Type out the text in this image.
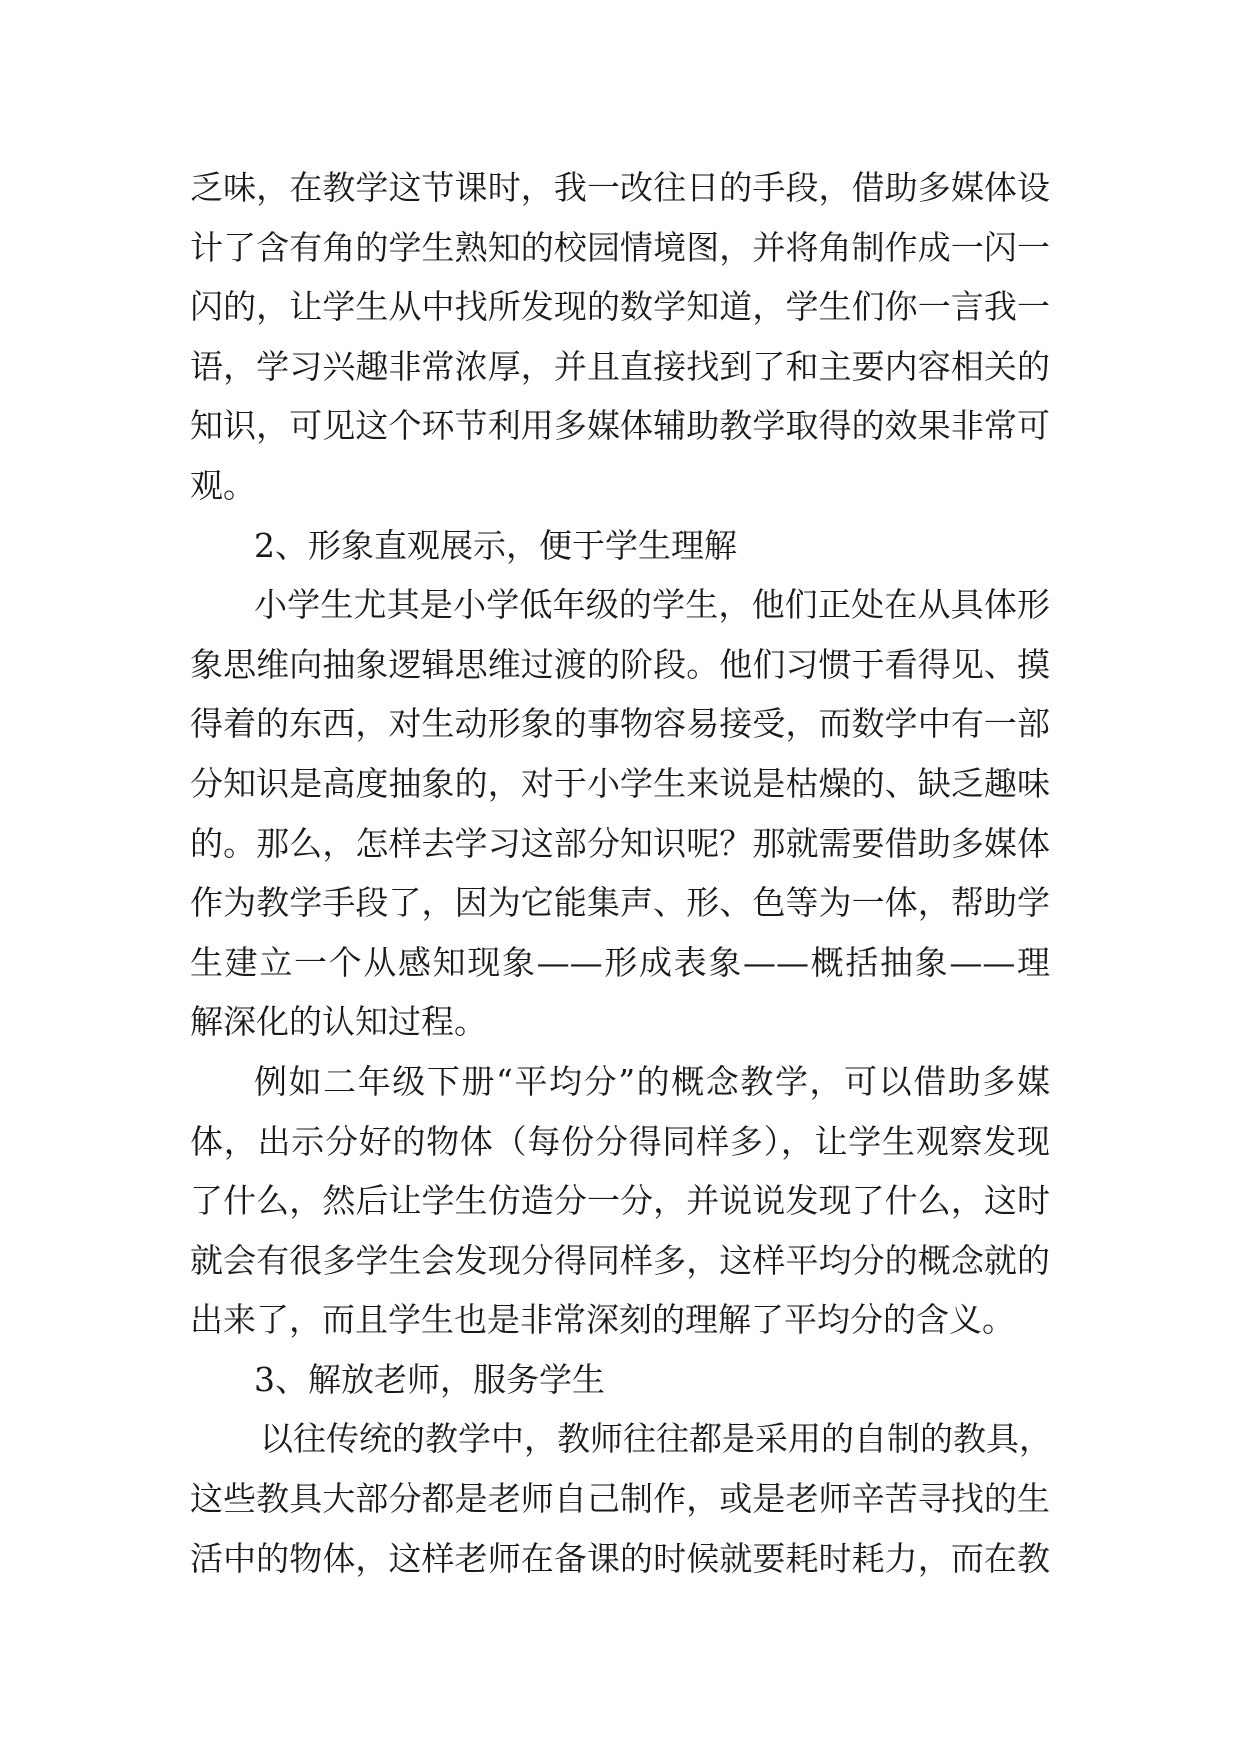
乏味，在教学这节课时，我一改往日的手段，借助多媒体设
计了含有角的学生熟知的校园情境图，并将角制作成一闪一
闪的，让学生从中找所发现的数学知道，学生们你一言我一
语，学习兴趣非常浓厚，并且直接找到了和主要内容相关的
知识，可见这个环节利用多媒体辅助教学取得的效果非常可
观。
2、形象直观展示，便于学生理解
小学生尤其是小学低年级的学生，他们正处在从具体形
象思维向抽象逻辑思维过渡的阶段。他们习惯于看得见、摸
得着的东西，对生动形象的事物容易接受，而数学中有一部
分知识是高度抽象的，对于小学生来说是枯燥的、缺乏趣味
的。那么，怎样去学习这部分知识呢？那就需要借助多媒体
作为教学手段了，因为它能集声、形、色等为一体，帮助学
生建立一个从感知现象——形成表象——概括抽象——理
解深化的认知过程。
例如二年级下册“平均分”的概念教学，可以借助多媒
体，出示分好的物体（每份分得同样多），让学生观察发现
了什么，然后让学生仿造分一分，并说说发现了什么，这时
就会有很多学生会发现分得同样多，这样平均分的概念就的
出来了，而且学生也是非常深刻的理解了平均分的含义。
3、解放老师，服务学生
以往传统的教学中，教师往往都是采用的自制的教具，
这些教具大部分都是老师自己制作，或是老师辛苦寻找的生
活中的物体，这样老师在备课的时候就要耗时耗力，而在教
